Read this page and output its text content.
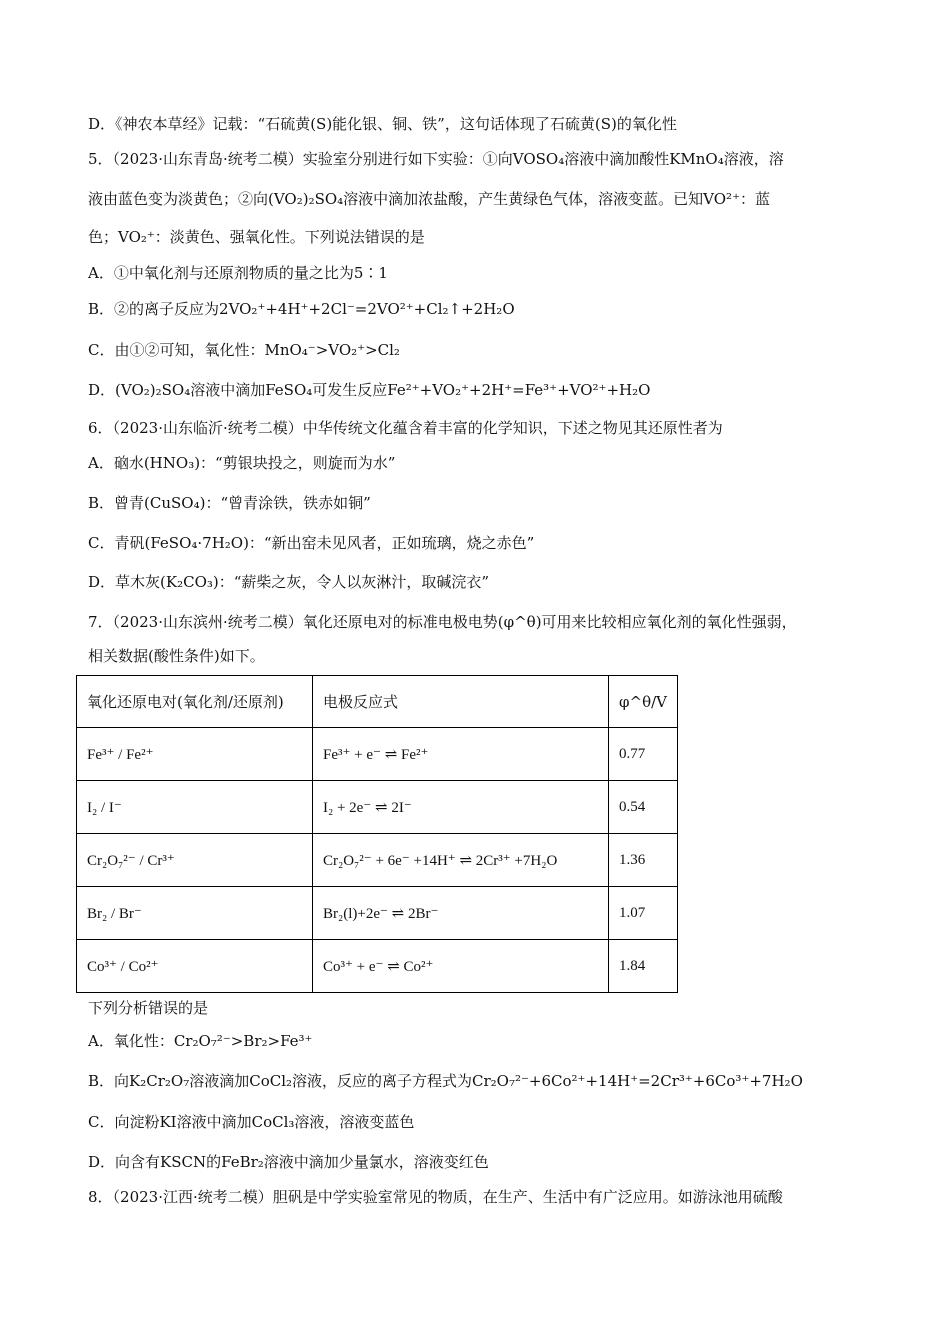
D．《神农本草经》记载：“石硫黄(S)能化银、铜、铁”，这句话体现了石硫黄(S)的氧化性
5．（2023·山东青岛·统考二模）实验室分别进行如下实验：①向VOSO₄溶液中滴加酸性KMnO₄溶液，溶
液由蓝色变为淡黄色；②向(VO₂)₂SO₄溶液中滴加浓盐酸，产生黄绿色气体，溶液变蓝。已知VO²⁺：蓝
色；VO₂⁺：淡黄色、强氧化性。下列说法错误的是
A．①中氧化剂与还原剂物质的量之比为5∶1
B．②的离子反应为2VO₂⁺+4H⁺+2Cl⁻=2VO²⁺+Cl₂↑+2H₂O
C．由①②可知，氧化性：MnO₄⁻>VO₂⁺>Cl₂
D．(VO₂)₂SO₄溶液中滴加FeSO₄可发生反应Fe²⁺+VO₂⁺+2H⁺=Fe³⁺+VO²⁺+H₂O
6．（2023·山东临沂·统考二模）中华传统文化蕴含着丰富的化学知识，下述之物见其还原性者为
A．硇水(HNO₃)：“剪银块投之，则旋而为水”
B．曾青(CuSO₄)：“曾青涂铁，铁赤如铜”
C．青矾(FeSO₄·7H₂O)：“新出窑未见风者，正如琉璃，烧之赤色”
D．草木灰(K₂CO₃)：“薪柴之灰，令人以灰淋汁，取碱浣衣”
7．（2023·山东滨州·统考二模）氧化还原电对的标准电极电势(φ^θ)可用来比较相应氧化剂的氧化性强弱，
相关数据(酸性条件)如下。
氧化还原电对(氧化剂/还原剂)	电极反应式	φ^θ/V
Fe³⁺ / Fe²⁺	Fe³⁺ + e⁻ ⇌ Fe²⁺	0.77
I₂ / I⁻	I₂ + 2e⁻ ⇌ 2I⁻	0.54
Cr₂O₇²⁻ / Cr³⁺	Cr₂O₇²⁻ + 6e⁻ +14H⁺ ⇌ 2Cr³⁺ +7H₂O	1.36
Br₂ / Br⁻	Br₂(l)+2e⁻ ⇌ 2Br⁻	1.07
Co³⁺ / Co²⁺	Co³⁺ + e⁻ ⇌ Co²⁺	1.84
下列分析错误的是
A．氧化性：Cr₂O₇²⁻>Br₂>Fe³⁺
B．向K₂Cr₂O₇溶液滴加CoCl₂溶液，反应的离子方程式为Cr₂O₇²⁻+6Co²⁺+14H⁺=2Cr³⁺+6Co³⁺+7H₂O
C．向淀粉KI溶液中滴加CoCl₃溶液，溶液变蓝色
D．向含有KSCN的FeBr₂溶液中滴加少量氯水，溶液变红色
8．（2023·江西·统考二模）胆矾是中学实验室常见的物质，在生产、生活中有广泛应用。如游泳池用硫酸
